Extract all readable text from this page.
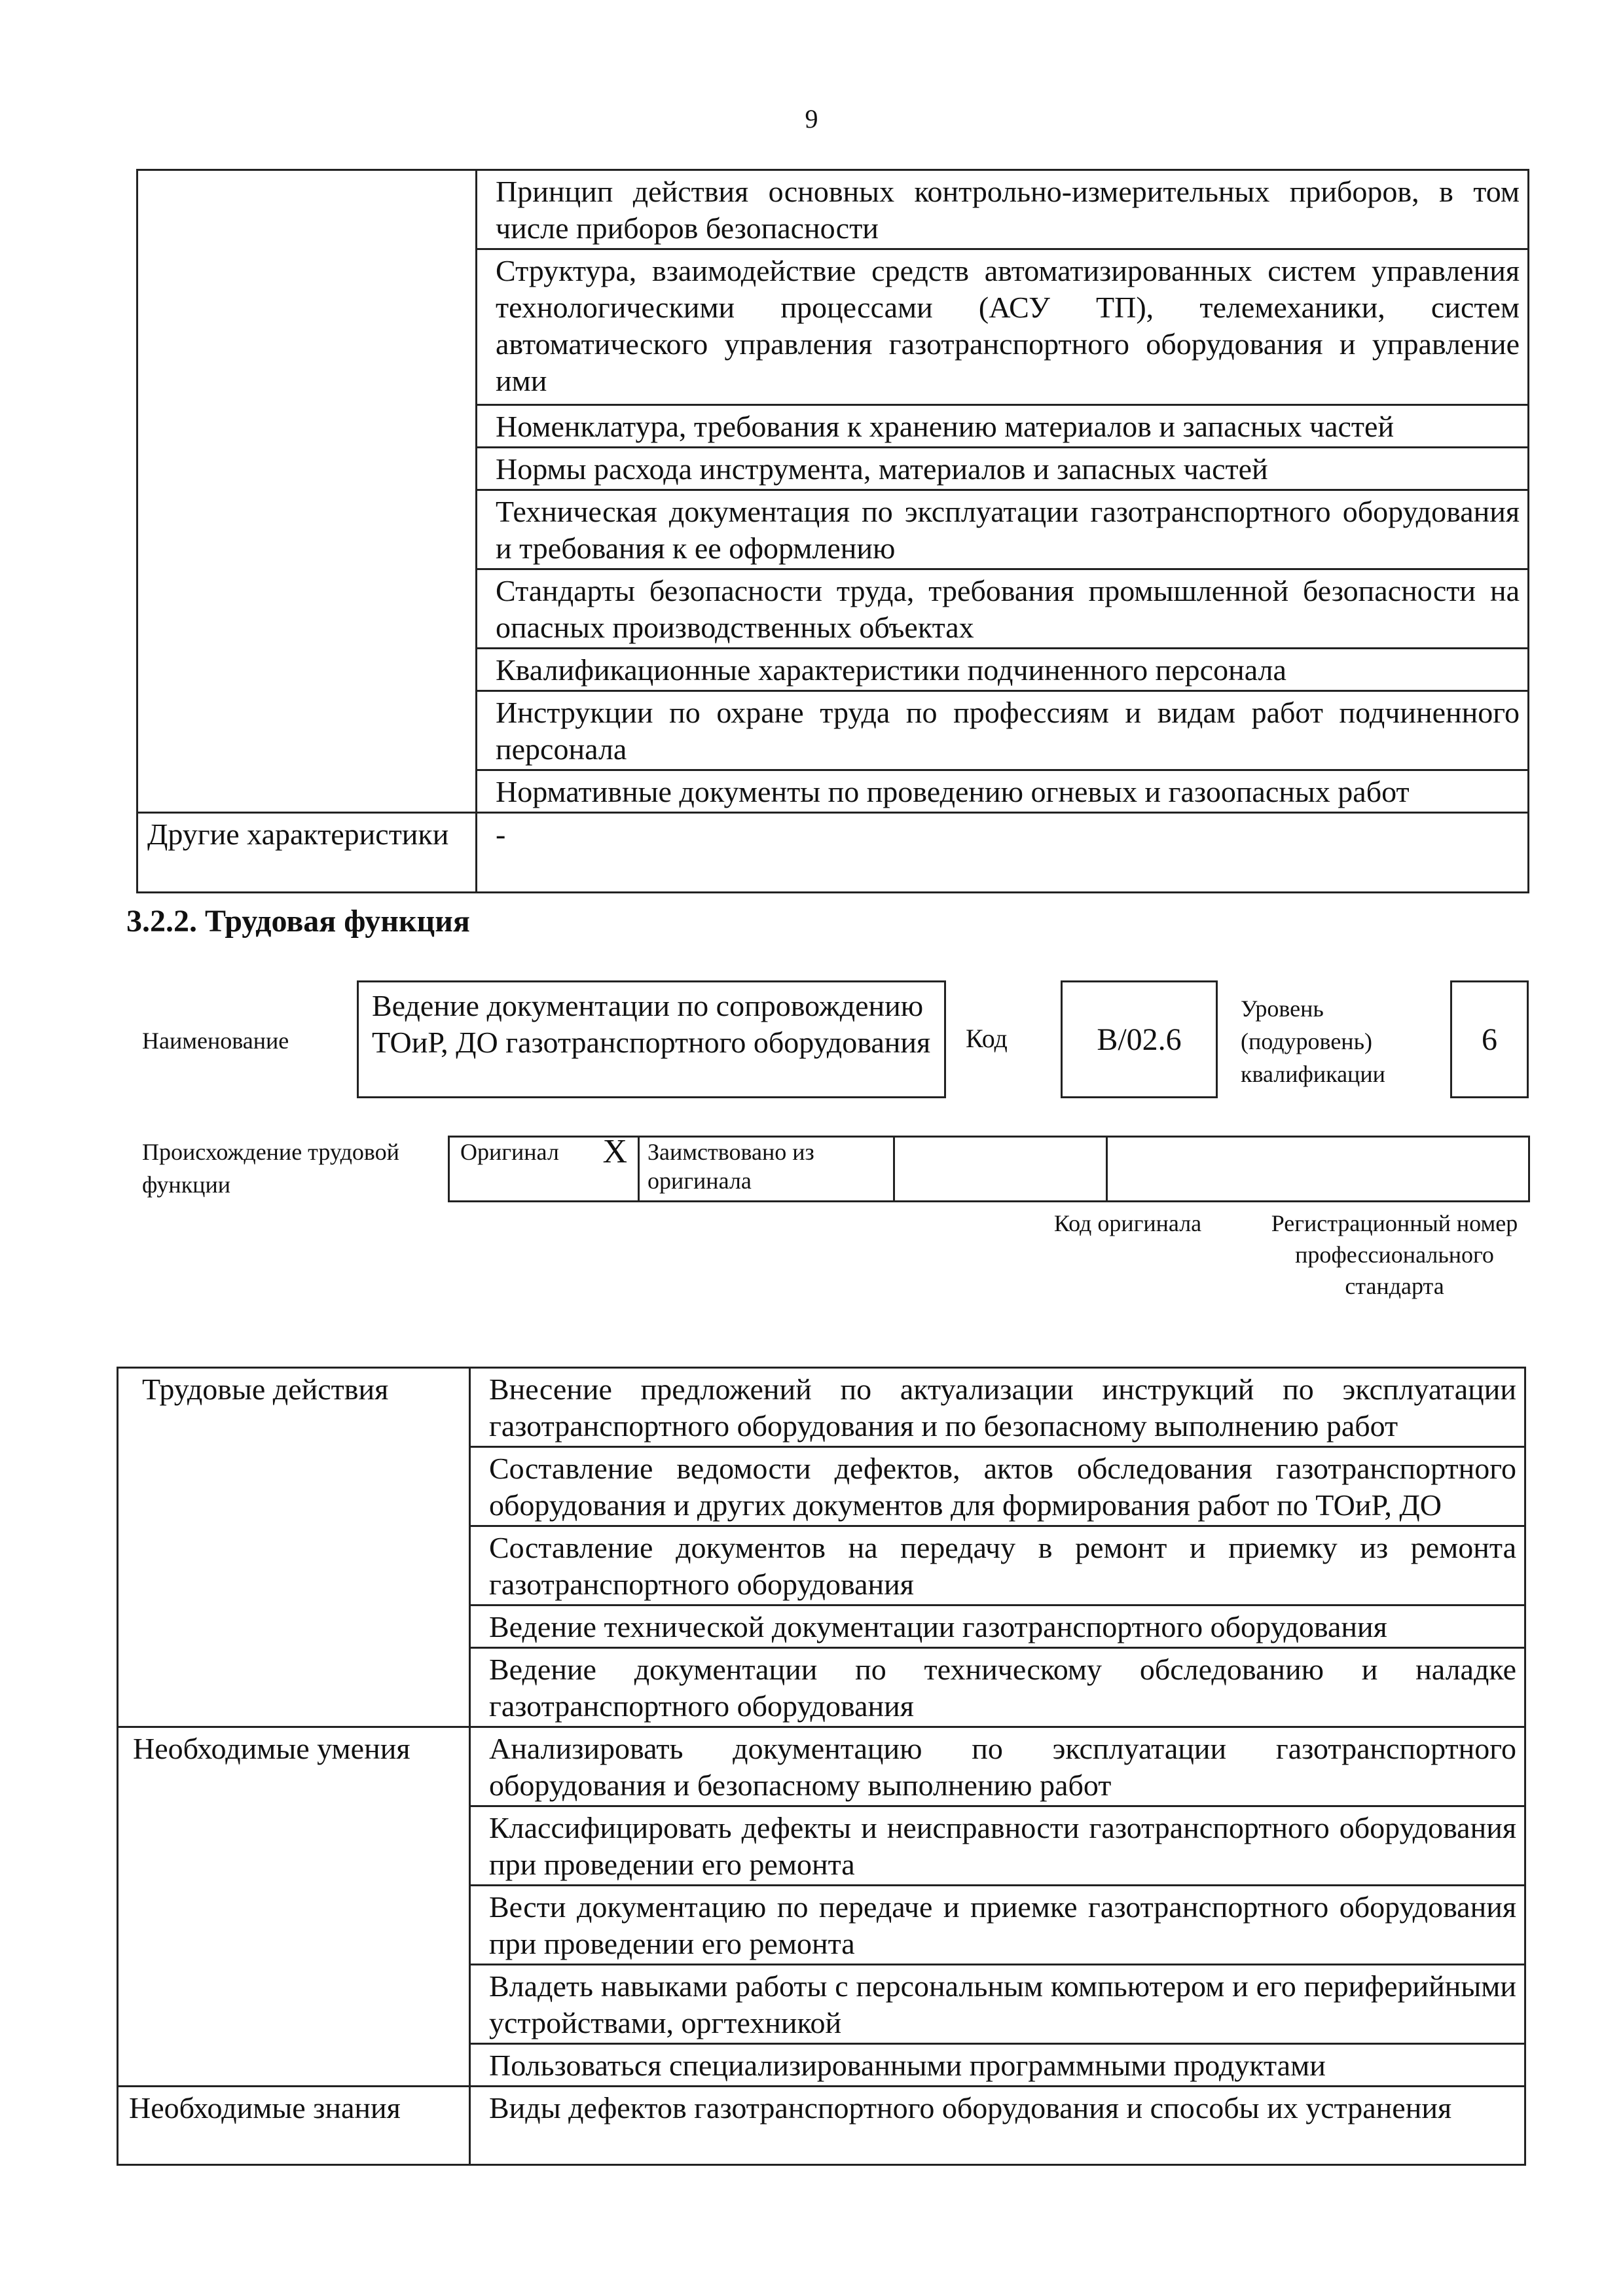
9
	Принцип действия основных контрольно-измерительных приборов, в том числе приборов безопасности
	Структура, взаимодействие средств автоматизированных систем управления технологическими процессами (АСУ ТП), телемеханики, систем автоматического управления газотранспортного оборудования и управление ими
	Номенклатура, требования к хранению материалов и запасных частей
	Нормы расхода инструмента, материалов и запасных частей
	Техническая документация по эксплуатации газотранспортного оборудования и требования к ее оформлению
	Стандарты безопасности труда, требования промышленной безопасности на опасных производственных объектах
	Квалификационные характеристики подчиненного персонала
	Инструкции по охране труда по профессиям и видам работ подчиненного персонала
	Нормативные документы по проведению огневых и газоопасных работ
Другие характеристики	-
3.2.2. Трудовая функция
Наименование
Ведение документации по сопровождению ТОиР, ДО газотранспортного оборудования	Код	B/02.6
Уровень (подуровень) квалификации
6
Происхождение трудовой функции
Оригинал X	Заимствовано из оригинала		
Код оригинала	Регистрационный номер профессионального стандарта
Трудовые действия	Внесение предложений по актуализации инструкций по эксплуатации газотранспортного оборудования и по безопасному выполнению работ
	Составление ведомости дефектов, актов обследования газотранспортного оборудования и других документов для формирования работ по ТОиР, ДО
	Составление документов на передачу в ремонт и приемку из ремонта газотранспортного оборудования
	Ведение технической документации газотранспортного оборудования
	Ведение документации по техническому обследованию и наладке газотранспортного оборудования
Необходимые умения	Анализировать документацию по эксплуатации газотранспортного оборудования и безопасному выполнению работ
	Классифицировать дефекты и неисправности газотранспортного оборудования при проведении его ремонта
	Вести документацию по передаче и приемке газотранспортного оборудования при проведении его ремонта
	Владеть навыками работы с персональным компьютером и его периферийными устройствами, оргтехникой
	Пользоваться специализированными программными продуктами
Необходимые знания	Виды дефектов газотранспортного оборудования и способы их устранения
